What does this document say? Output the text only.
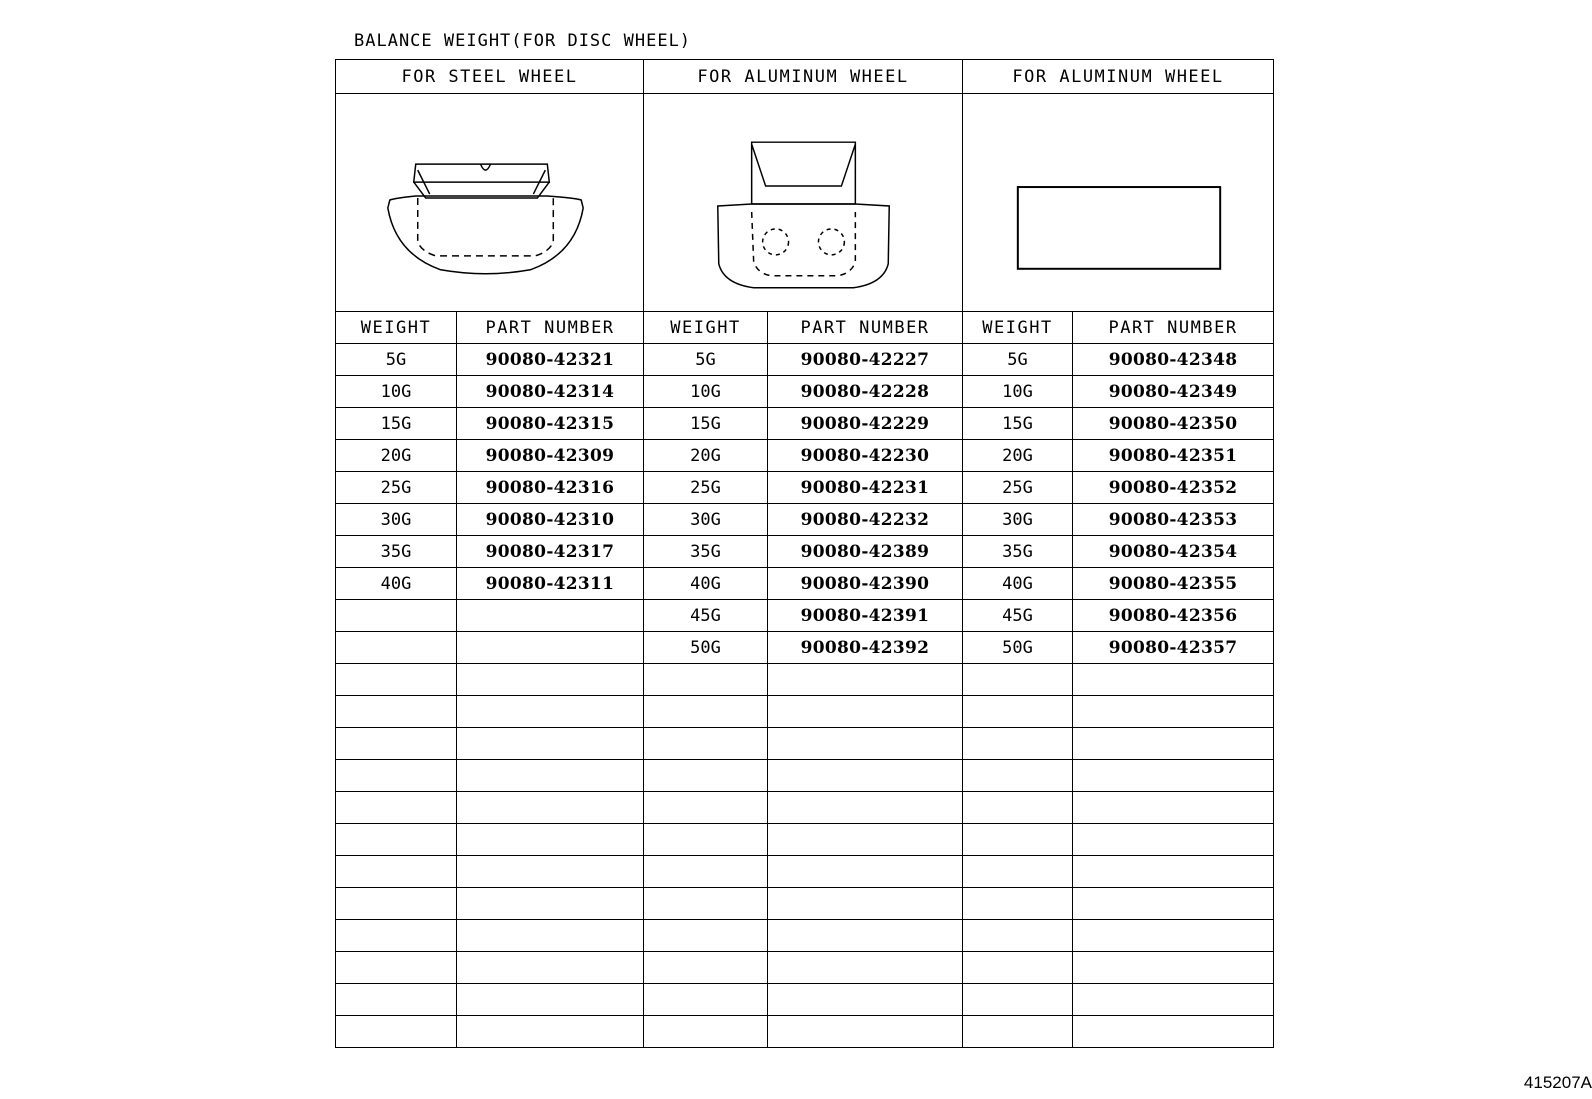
BALANCE WEIGHT(FOR DISC WHEEL)
FOR STEEL WHEEL		FOR ALUMINUM WHEEL		FOR ALUMINUM WHEEL	

WEIGHT	PART NUMBER	WEIGHT	PART NUMBER	WEIGHT	PART NUMBER
5G	90080-42321	5G	90080-42227	5G	90080-42348
10G	90080-42314	10G	90080-42228	10G	90080-42349
15G	90080-42315	15G	90080-42229	15G	90080-42350
20G	90080-42309	20G	90080-42230	20G	90080-42351
25G	90080-42316	25G	90080-42231	25G	90080-42352
30G	90080-42310	30G	90080-42232	30G	90080-42353
35G	90080-42317	35G	90080-42389	35G	90080-42354
40G	90080-42311	40G	90080-42390	40G	90080-42355
		45G	90080-42391	45G	90080-42356
		50G	90080-42392	50G	90080-42357

415207A
